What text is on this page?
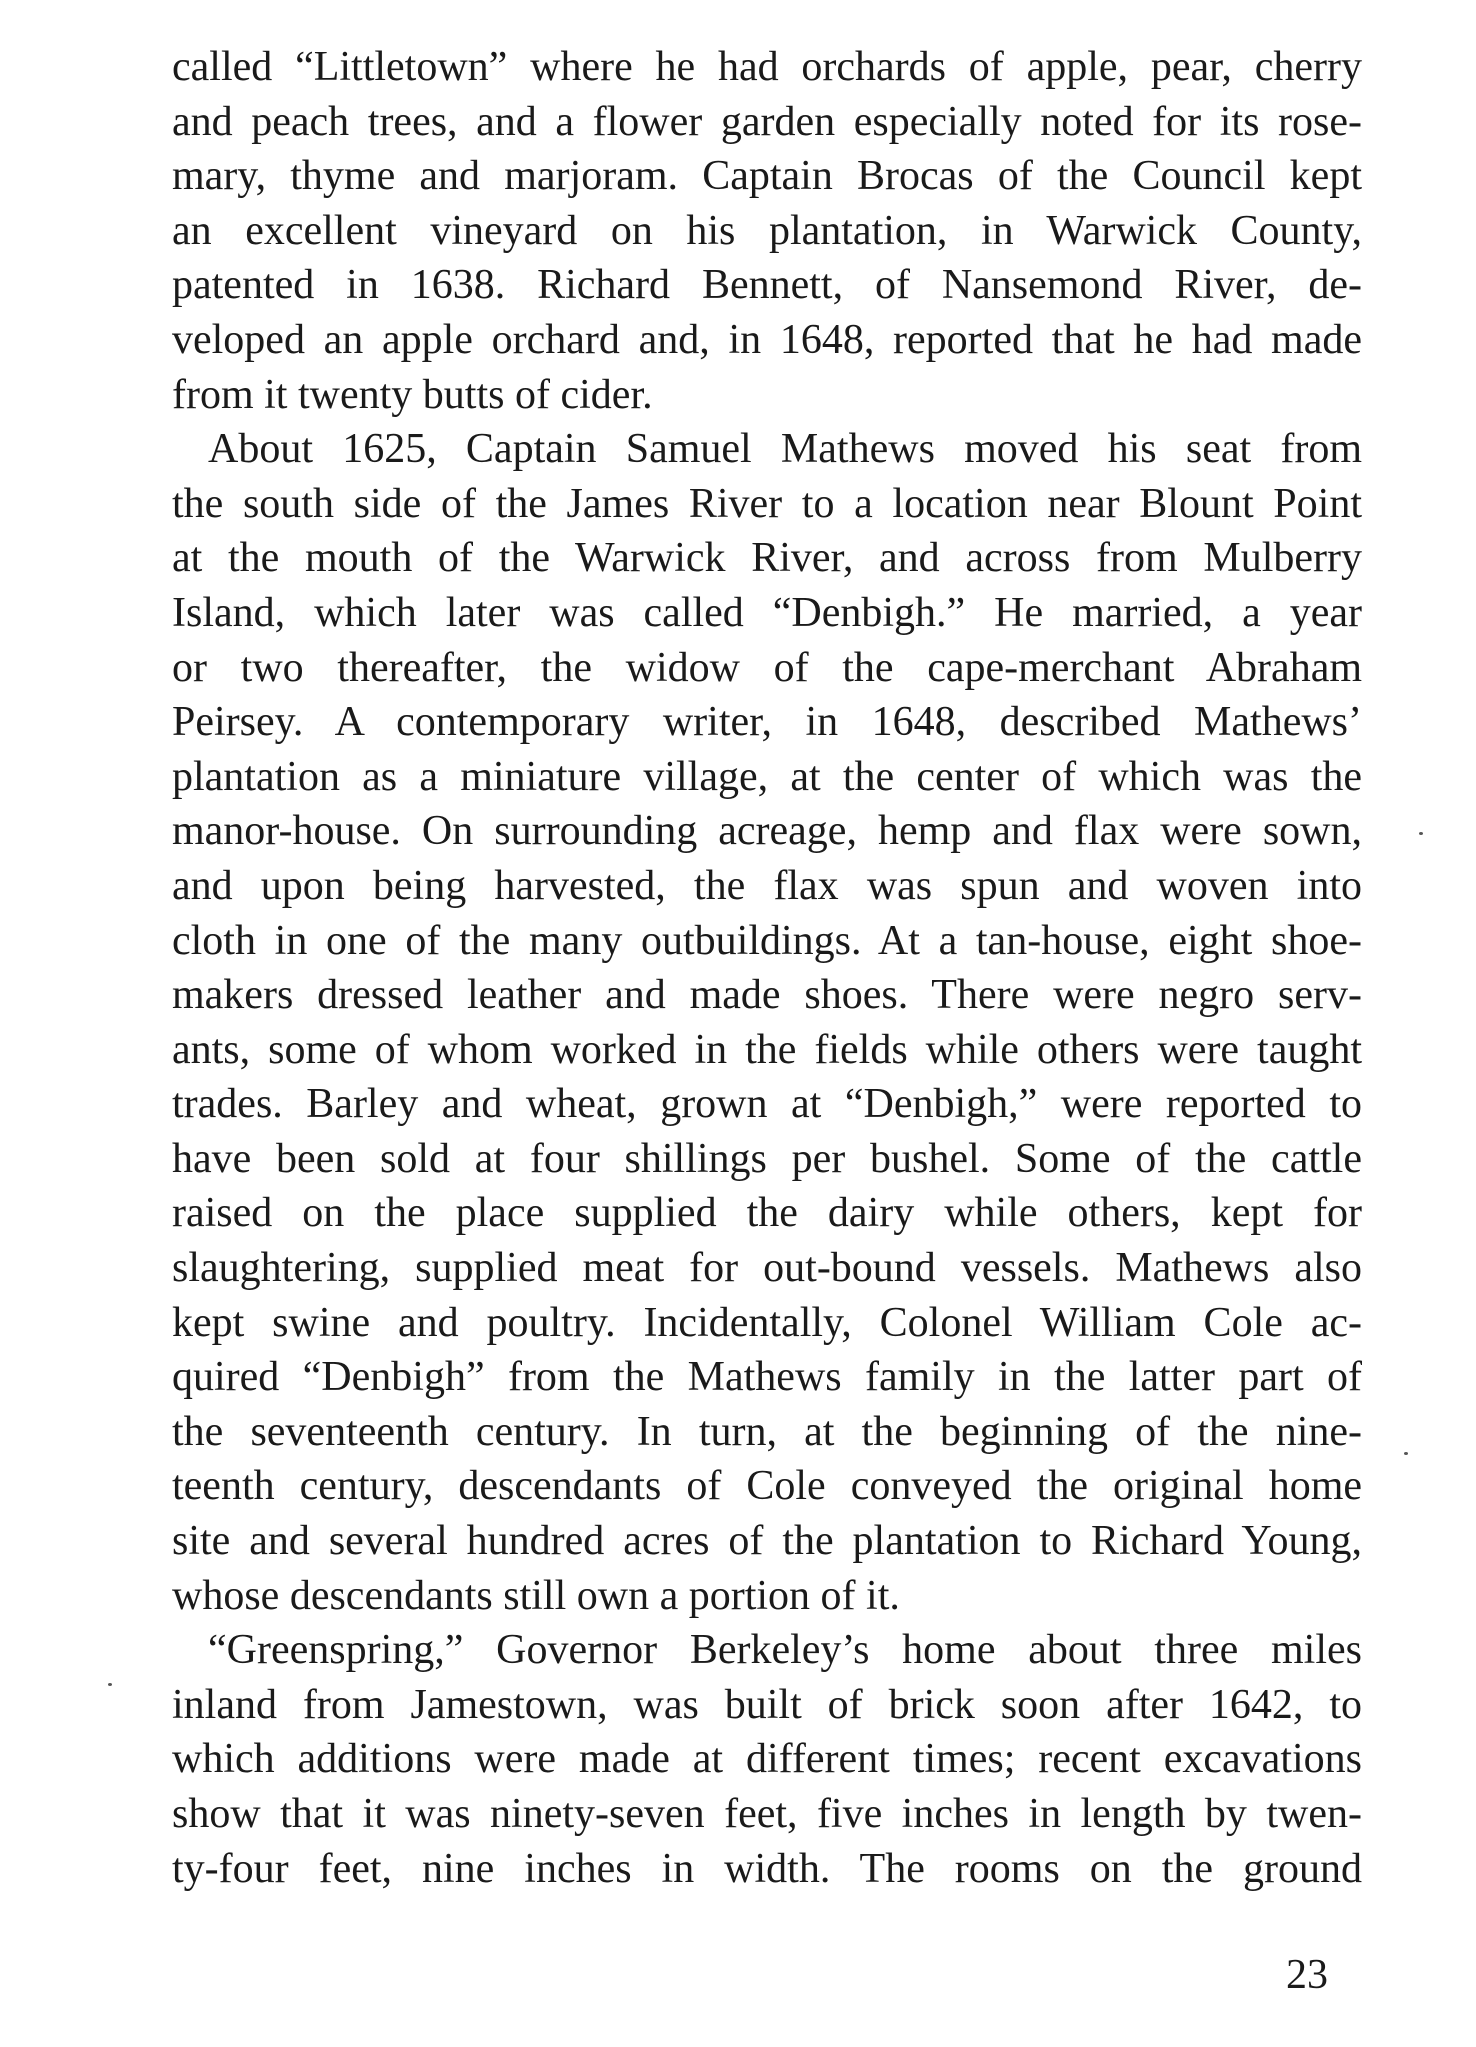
called “Littletown” where he had orchards of apple, pear, cherry
and peach trees, and a flower garden especially noted for its rose-
mary, thyme and marjoram. Captain Brocas of the Council kept
an excellent vineyard on his plantation, in Warwick County,
patented in 1638. Richard Bennett, of Nansemond River, de-
veloped an apple orchard and, in 1648, reported that he had made
from it twenty butts of cider.
About 1625, Captain Samuel Mathews moved his seat from
the south side of the James River to a location near Blount Point
at the mouth of the Warwick River, and across from Mulberry
Island, which later was called “Denbigh.” He married, a year
or two thereafter, the widow of the cape-merchant Abraham
Peirsey. A contemporary writer, in 1648, described Mathews’
plantation as a miniature village, at the center of which was the
manor-house. On surrounding acreage, hemp and flax were sown,
and upon being harvested, the flax was spun and woven into
cloth in one of the many outbuildings. At a tan-house, eight shoe-
makers dressed leather and made shoes. There were negro serv-
ants, some of whom worked in the fields while others were taught
trades. Barley and wheat, grown at “Denbigh,” were reported to
have been sold at four shillings per bushel. Some of the cattle
raised on the place supplied the dairy while others, kept for
slaughtering, supplied meat for out-bound vessels. Mathews also
kept swine and poultry. Incidentally, Colonel William Cole ac-
quired “Denbigh” from the Mathews family in the latter part of
the seventeenth century. In turn, at the beginning of the nine-
teenth century, descendants of Cole conveyed the original home
site and several hundred acres of the plantation to Richard Young,
whose descendants still own a portion of it.
“Greenspring,” Governor Berkeley’s home about three miles
inland from Jamestown, was built of brick soon after 1642, to
which additions were made at different times; recent excavations
show that it was ninety-seven feet, five inches in length by twen-
ty-four feet, nine inches in width. The rooms on the ground
23
